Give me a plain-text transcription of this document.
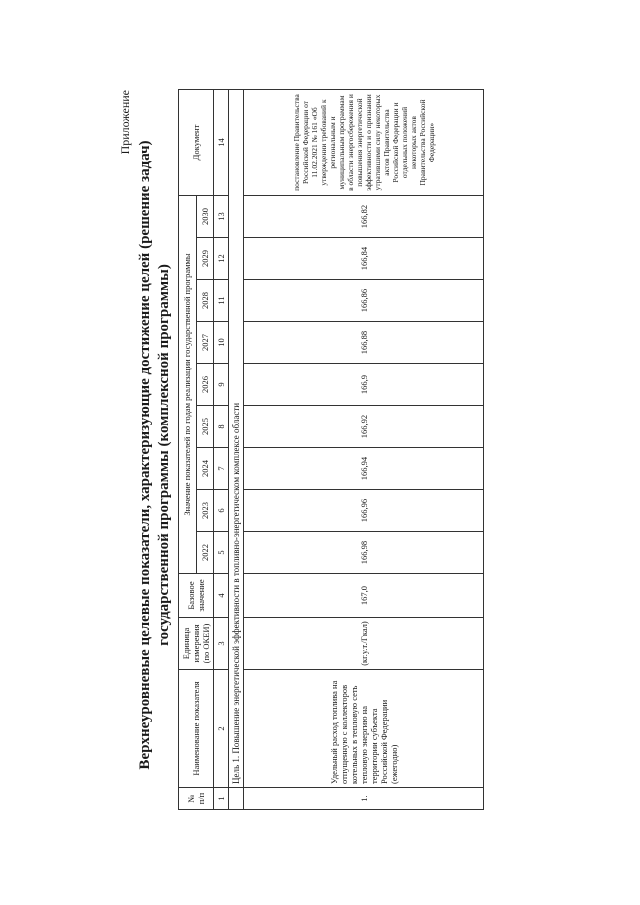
Приложение
Верхнеуровневые целевые показатели, характеризующие достижение целей (решение задач) государственной программы (комплексной программы)
№ п/п	Наименование показателя	Единица измерения (по ОКЕИ)	Базовое значение	Значение показателей по годам реализации государственной программы									Документ
				2022	2023	2024	2025	2026	2027	2028	2029	2030	
1	2	3	4	5	6	7	8	9	10	11	12	13	14
	Цель 1. Повышение энергетической эффективности в топливно-энергетическом комплексе области												
1.	Удельный расход топлива на отпущенную с коллекторов котельных в тепловую сеть тепловую энергию на территории субъекта Российской Федерации (ежегодно)	(кг.у.т./Гкал)	167,0	166,98	166,96	166,94	166,92	166,9	166,88	166,86	166,84	166,82	постановление Правительства Российской Федерации от 11.02.2021 № 161 «Об утверждении требований к региональным и муниципальным программам в области энергосбережения и повышения энергетической эффективности и о признании утратившими силу некоторых актов Правительства Российской Федерации и отдельных положений некоторых актов Правительства Российской Федерации»
